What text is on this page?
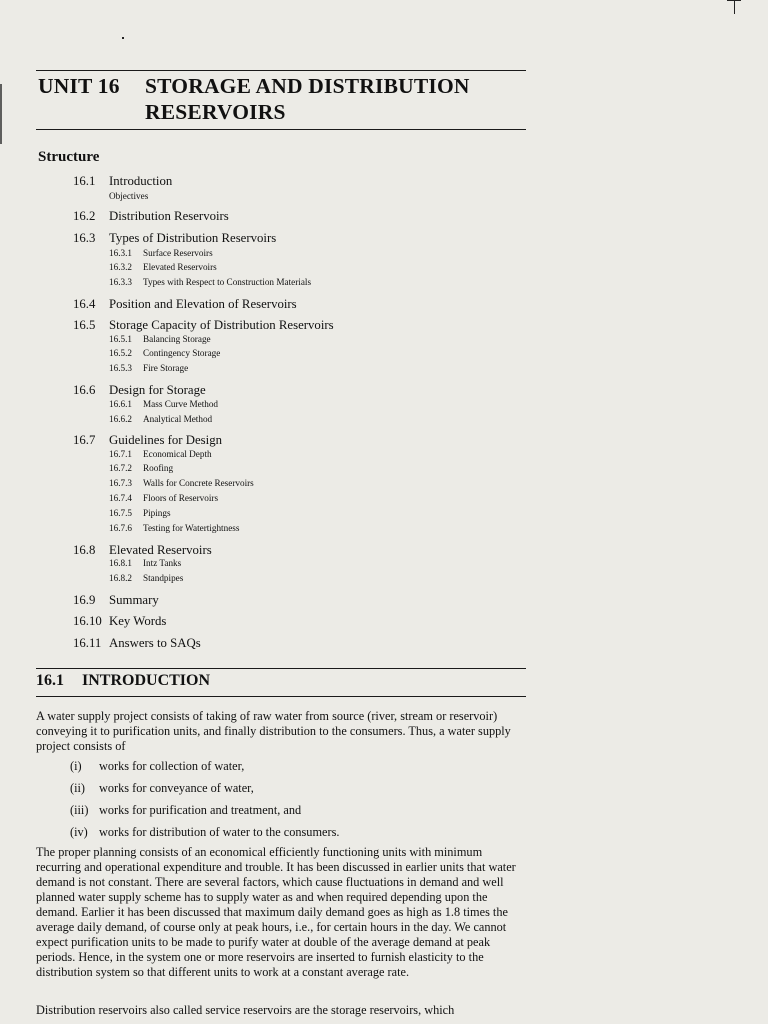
UNIT 16 STORAGE AND DISTRIBUTION
RESERVOIRS
Structure
16.1 Introduction
Objectives
16.2 Distribution Reservoirs
16.3 Types of Distribution Reservoirs
16.3.1 Surface Reservoirs
16.3.2 Elevated Reservoirs
16.3.3 Types with Respect to Construction Materials
16.4 Position and Elevation of Reservoirs
16.5 Storage Capacity of Distribution Reservoirs
16.5.1 Balancing Storage
16.5.2 Contingency Storage
16.5.3 Fire Storage
16.6 Design for Storage
16.6.1 Mass Curve Method
16.6.2 Analytical Method
16.7 Guidelines for Design
16.7.1 Economical Depth
16.7.2 Roofing
16.7.3 Walls for Concrete Reservoirs
16.7.4 Floors of Reservoirs
16.7.5 Pipings
16.7.6 Testing for Watertightness
16.8 Elevated Reservoirs
16.8.1 Intz Tanks
16.8.2 Standpipes
16.9 Summary
16.10 Key Words
16.11 Answers to SAQs
16.1 INTRODUCTION
A water supply project consists of taking of raw water from source (river, stream or reservoir) conveying it to purification units, and finally distribution to the consumers. Thus, a water supply project consists of
(i) works for collection of water,
(ii) works for conveyance of water,
(iii) works for purification and treatment, and
(iv) works for distribution of water to the consumers.
The proper planning consists of an economical efficiently functioning units with minimum recurring and operational expenditure and trouble. It has been discussed in earlier units that water demand is not constant. There are several factors, which cause fluctuations in demand and well planned water supply scheme has to supply water as and when required depending upon the demand. Earlier it has been discussed that maximum daily demand goes as high as 1.8 times the average daily demand, of course only at peak hours, i.e., for certain hours in the day. We cannot expect purification units to be made to purify water at double of the average demand at peak periods. Hence, in the system one or more reservoirs are inserted to furnish elasticity to the distribution system so that different units to work at a constant average rate.
Distribution reservoirs also called service reservoirs are the storage reservoirs, which
